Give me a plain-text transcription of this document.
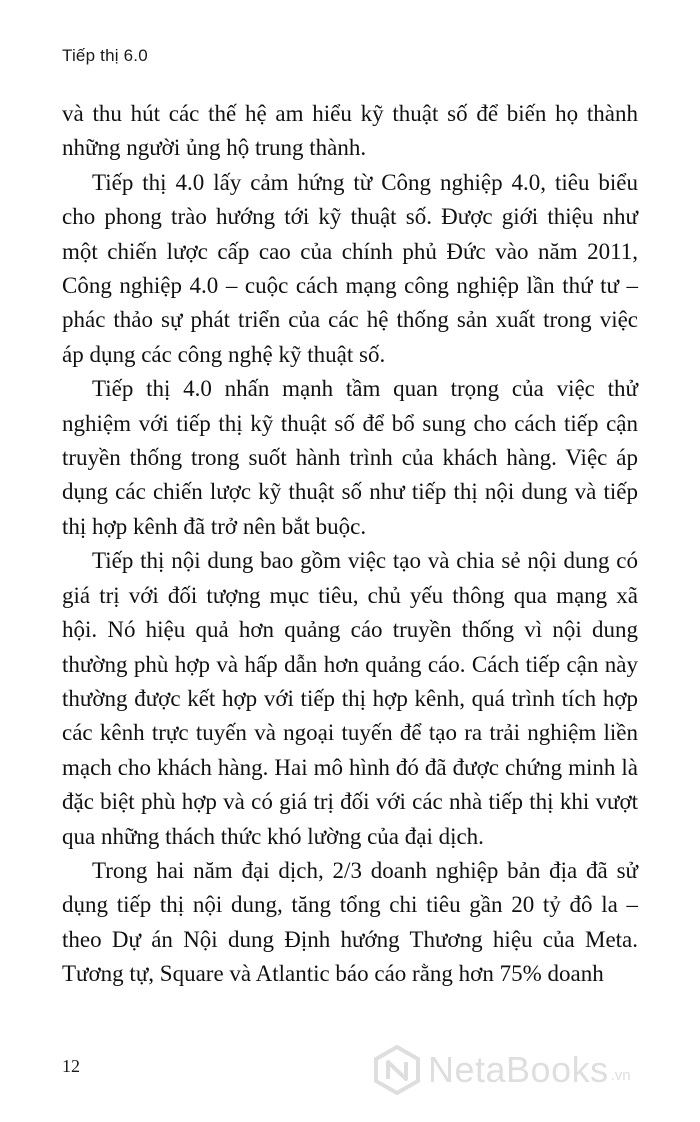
Tiếp thị 6.0

và thu hút các thế hệ am hiểu kỹ thuật số để biến họ thành những người ủng hộ trung thành.

Tiếp thị 4.0 lấy cảm hứng từ Công nghiệp 4.0, tiêu biểu cho phong trào hướng tới kỹ thuật số. Được giới thiệu như một chiến lược cấp cao của chính phủ Đức vào năm 2011, Công nghiệp 4.0 – cuộc cách mạng công nghiệp lần thứ tư – phác thảo sự phát triển của các hệ thống sản xuất trong việc áp dụng các công nghệ kỹ thuật số.

Tiếp thị 4.0 nhấn mạnh tầm quan trọng của việc thử nghiệm với tiếp thị kỹ thuật số để bổ sung cho cách tiếp cận truyền thống trong suốt hành trình của khách hàng. Việc áp dụng các chiến lược kỹ thuật số như tiếp thị nội dung và tiếp thị hợp kênh đã trở nên bắt buộc.

Tiếp thị nội dung bao gồm việc tạo và chia sẻ nội dung có giá trị với đối tượng mục tiêu, chủ yếu thông qua mạng xã hội. Nó hiệu quả hơn quảng cáo truyền thống vì nội dung thường phù hợp và hấp dẫn hơn quảng cáo. Cách tiếp cận này thường được kết hợp với tiếp thị hợp kênh, quá trình tích hợp các kênh trực tuyến và ngoại tuyến để tạo ra trải nghiệm liền mạch cho khách hàng. Hai mô hình đó đã được chứng minh là đặc biệt phù hợp và có giá trị đối với các nhà tiếp thị khi vượt qua những thách thức khó lường của đại dịch.

Trong hai năm đại dịch, 2/3 doanh nghiệp bản địa đã sử dụng tiếp thị nội dung, tăng tổng chi tiêu gần 20 tỷ đô la – theo Dự án Nội dung Định hướng Thương hiệu của Meta. Tương tự, Square và Atlantic báo cáo rằng hơn 75% doanh

12	NetaBooks .vn
